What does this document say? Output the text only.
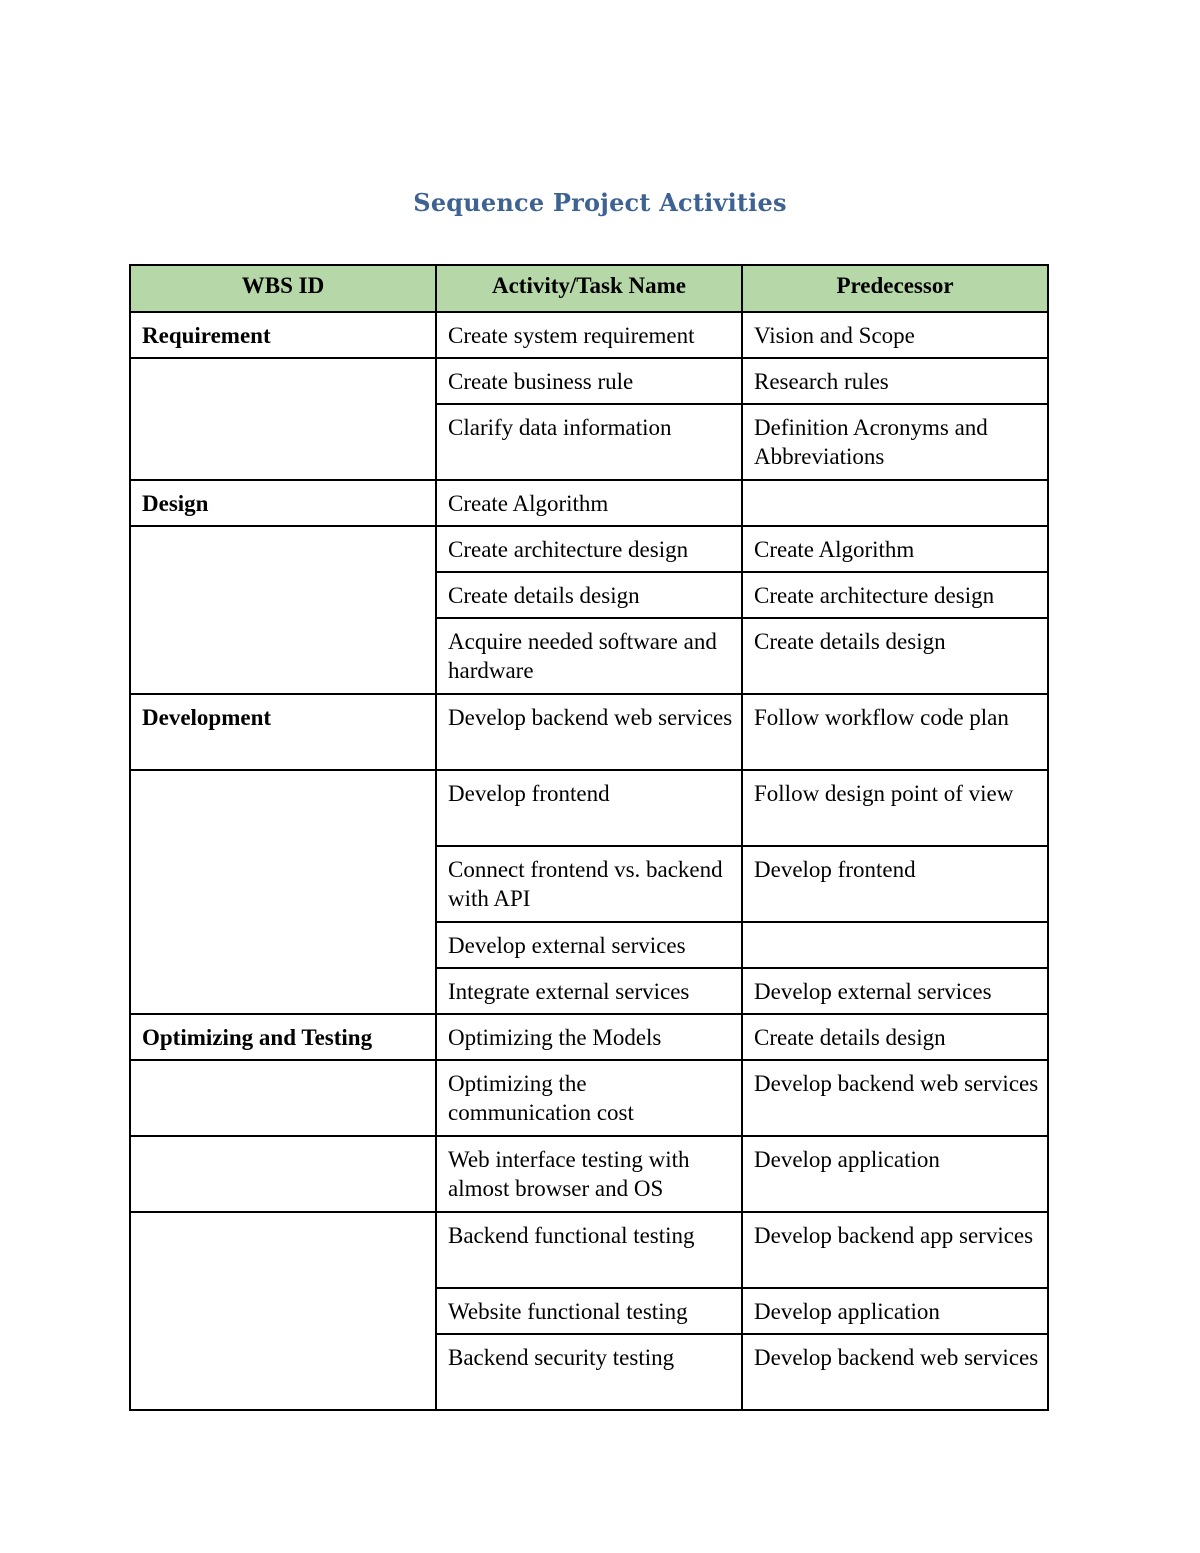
Sequence Project Activities
WBS ID	Activity/Task Name	Predecessor
Requirement	Create system requirement	Vision and Scope
	Create business rule	Research rules
	Clarify data information	Definition Acronyms and Abbreviations
Design	Create Algorithm	
	Create architecture design	Create Algorithm
	Create details design	Create architecture design
	Acquire needed software and hardware	Create details design
Development	Develop backend web services	Follow workflow code plan
	Develop frontend	Follow design point of view
	Connect frontend vs. backend with API	Develop frontend
	Develop external services	
	Integrate external services	Develop external services
Optimizing and Testing	Optimizing the Models	Create details design
	Optimizing the communication cost	Develop backend web services
	Web interface testing with almost browser and OS	Develop application
	Backend functional testing	Develop backend app services
	Website functional testing	Develop application
	Backend security testing	Develop backend web services
